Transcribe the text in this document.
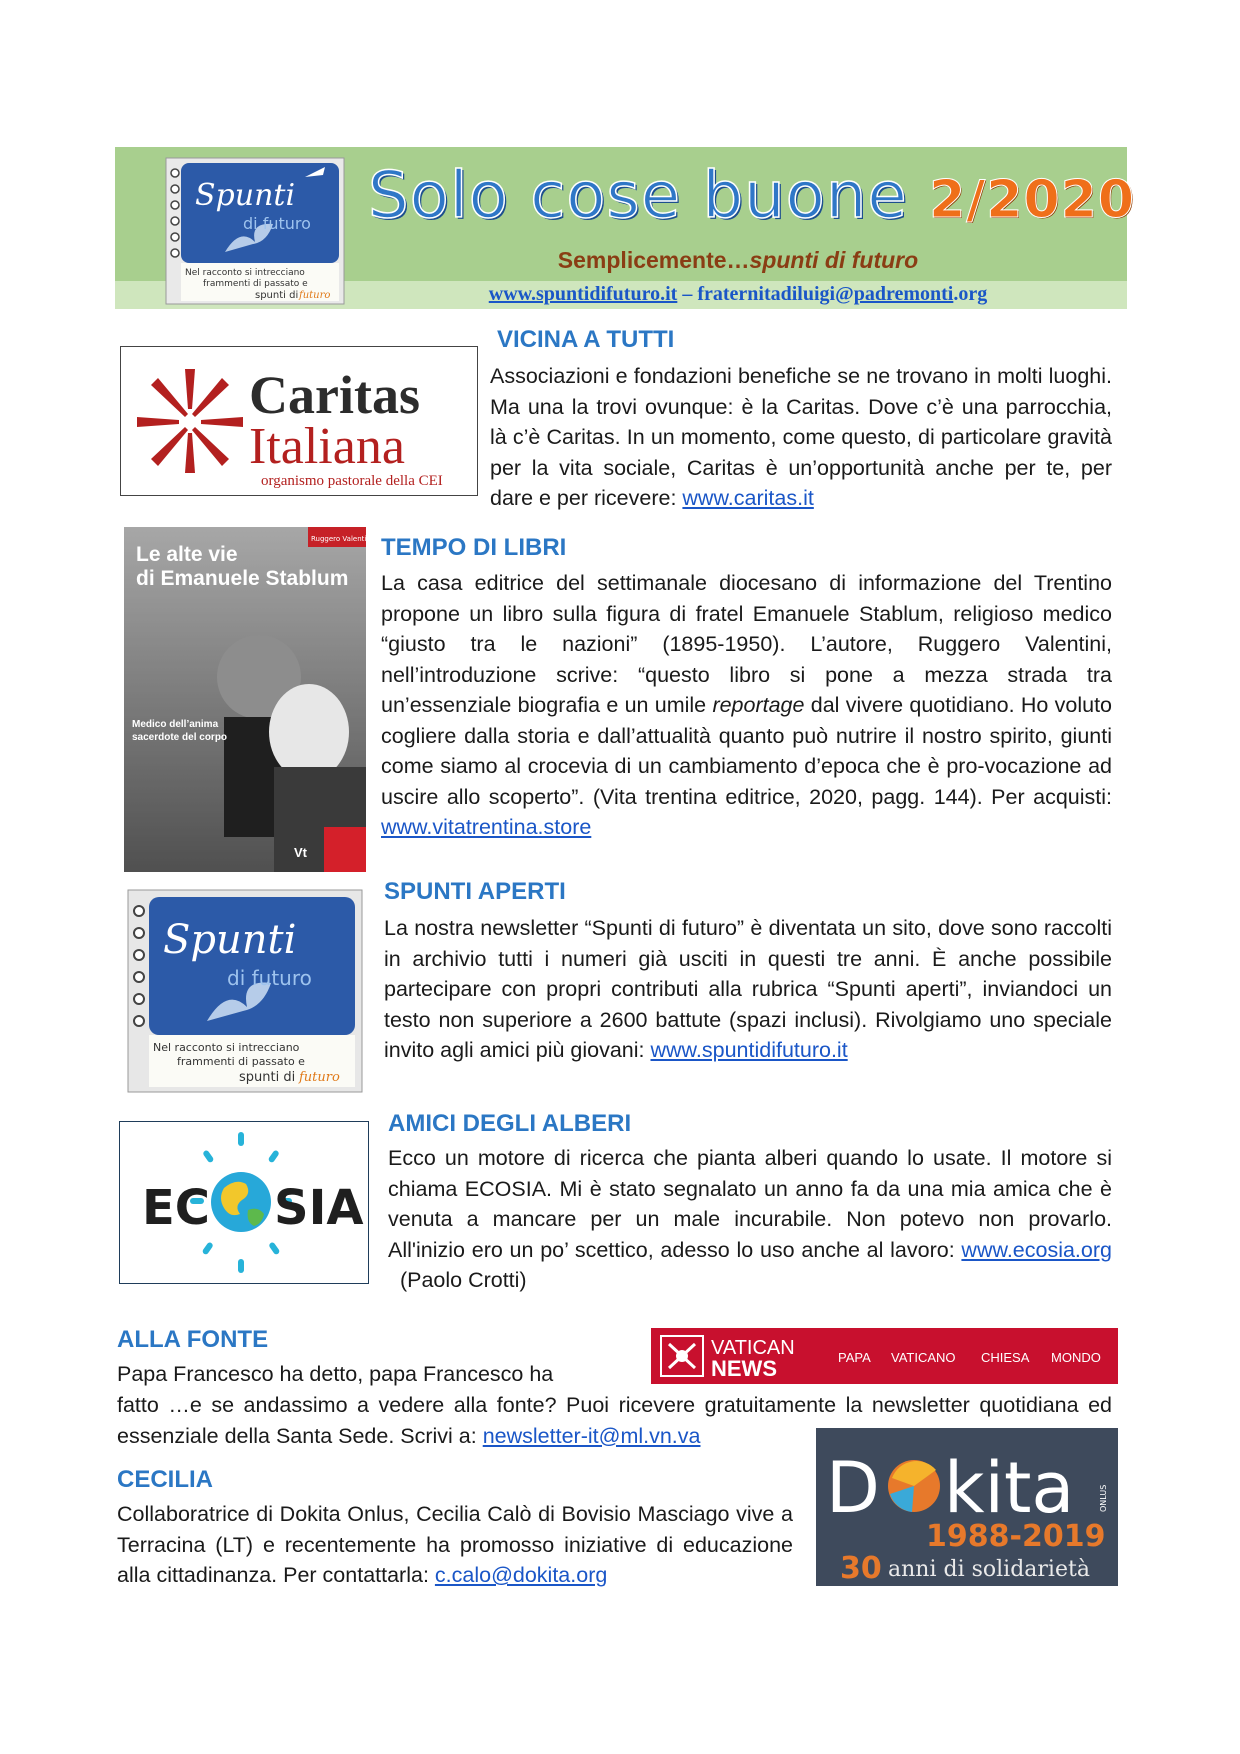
Spunti
di futuro
Nel racconto si intrecciano
frammenti di passato e
spunti di futuro
Solo cose buone 2/2020
Semplicemente…spunti di futuro
www.spuntidifuturo.it – fraternitadiluigi@padremonti.org
Caritas
Italiana
organismo pastorale della CEI
VICINA A TUTTI

Associazioni e fondazioni benefiche se ne trovano in molti luoghi. Ma una la trovi ovunque: è la Caritas. Dove c’è una parrocchia, là c’è Caritas. In un momento, come questo, di particolare gravità per la vita sociale, Caritas è un’opportunità anche per te, per dare e per ricevere: www.caritas.it

Ruggero Valentini
Le alte vie
di Emanuele Stablum
Medico dell’anima
sacerdote del corpo
Vt
TEMPO DI LIBRI

La casa editrice del settimanale diocesano di informazione del Trentino propone un libro sulla figura di fratel Emanuele Stablum, religioso medico “giusto tra le nazioni” (1895-1950). L’autore, Ruggero Valentini, nell’introduzione scrive: “questo libro si pone a mezza strada tra un’essenziale biografia e un umile reportage dal vivere quotidiano. Ho voluto cogliere dalla storia e dall’attualità quanto può nutrire il nostro spirito, giunti come siamo al crocevia di un cambiamento d’epoca che è pro-vocazione ad uscire allo scoperto”. (Vita trentina editrice, 2020, pagg. 144). Per acquisti: www.vitatrentina.store

Spunti
di futuro
Nel racconto si intrecciano
frammenti di passato e
spunti di futuro
SPUNTI APERTI

La nostra newsletter “Spunti di futuro” è diventata un sito, dove sono raccolti in archivio tutti i numeri già usciti in questi tre anni. È anche possibile partecipare con propri contributi alla rubrica “Spunti aperti”, inviandoci un testo non superiore a 2600 battute (spazi inclusi). Rivolgiamo uno speciale invito agli amici più giovani: www.spuntidifuturo.it

EC SIA
AMICI DEGLI ALBERI

Ecco un motore di ricerca che pianta alberi quando lo usate. Il motore si chiama ECOSIA. Mi è stato segnalato un anno fa da una mia amica che è venuta a mancare per un male incurabile. Non potevo non provarlo. All'inizio ero un po’ scettico, adesso lo uso anche al lavoro: www.ecosia.org  (Paolo Crotti)

ALLA FONTE	VATICAN
NEWS	PAPA VATICANO CHIESA MONDO

Papa Francesco ha detto, papa Francesco ha

fatto …e se andassimo a vedere alla fonte? Puoi ricevere gratuitamente la newsletter quotidiana ed essenziale della Santa Sede. Scrivi a: newsletter-it@ml.vn.va

CECILIA

Collaboratrice di Dokita Onlus, Cecilia Calò di Bovisio Masciago vive a Terracina (LT) e recentemente ha promosso iniziative di educazione alla cittadinanza. Per contattarla: c.calo@dokita.org

D kita	ONLUS
1988-2019
30 anni di solidarietà
